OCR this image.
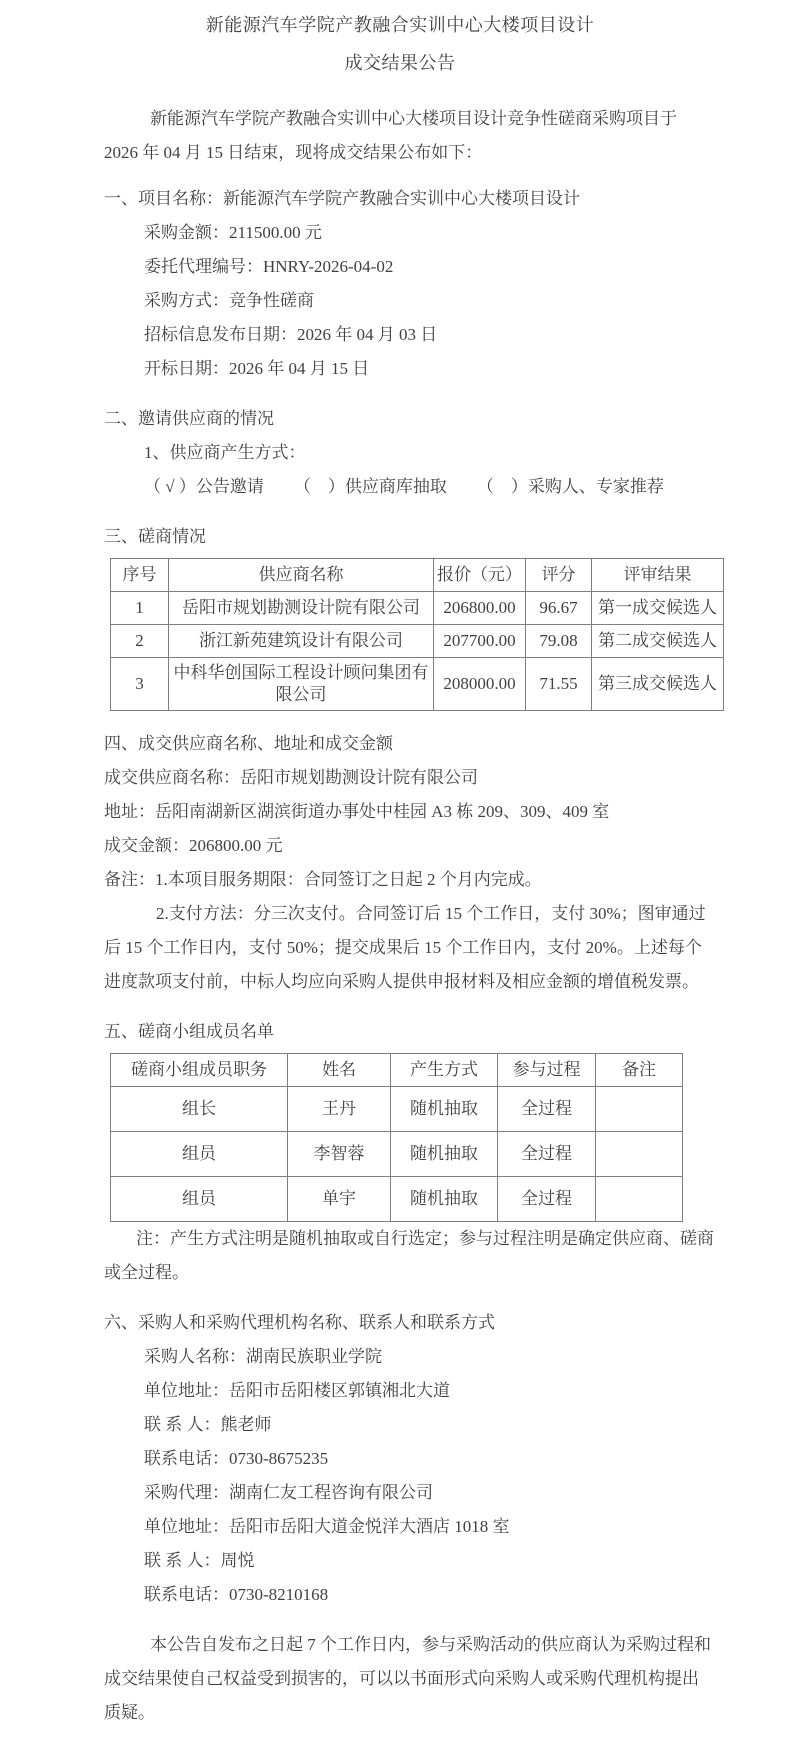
新能源汽车学院产教融合实训中心大楼项目设计
成交结果公告

新能源汽车学院产教融合实训中心大楼项目设计竞争性磋商采购项目于 2026 年 04 月 15 日结束，现将成交结果公布如下：

一、项目名称：新能源汽车学院产教融合实训中心大楼项目设计

采购金额：211500.00 元

委托代理编号：HNRY-2026-04-02

采购方式：竞争性磋商

招标信息发布日期：2026 年 04 月 03 日

开标日期：2026 年 04 月 15 日

二、邀请供应商的情况

1、供应商产生方式：

（ √ ）公告邀请 （　）供应商库抽取 （　）采购人、专家推荐

三、磋商情况

序号	供应商名称	报价（元）	评分	评审结果
1	岳阳市规划勘测设计院有限公司	206800.00	96.67	第一成交候选人
2	浙江新苑建筑设计有限公司	207700.00	79.08	第二成交候选人
3	中科华创国际工程设计顾问集团有限公司	208000.00	71.55	第三成交候选人

四、成交供应商名称、地址和成交金额

成交供应商名称：岳阳市规划勘测设计院有限公司

地址：岳阳南湖新区湖滨街道办事处中桂园 A3 栋 209、309、409 室

成交金额：206800.00 元

备注：1.本项目服务期限：合同签订之日起 2 个月内完成。

2.支付方法：分三次支付。合同签订后 15 个工作日，支付 30%；图审通过后 15 个工作日内，支付 50%；提交成果后 15 个工作日内，支付 20%。上述每个进度款项支付前，中标人均应向采购人提供申报材料及相应金额的增值税发票。

五、磋商小组成员名单

磋商小组成员职务	姓名	产生方式	参与过程	备注
组长	王丹	随机抽取	全过程	
组员	李智蓉	随机抽取	全过程	
组员	单宇	随机抽取	全过程	

注：产生方式注明是随机抽取或自行选定；参与过程注明是确定供应商、磋商或全过程。

六、采购人和采购代理机构名称、联系人和联系方式

采购人名称：湖南民族职业学院

单位地址：岳阳市岳阳楼区郭镇湘北大道

联 系 人：熊老师

联系电话：0730-8675235

采购代理：湖南仁友工程咨询有限公司

单位地址：岳阳市岳阳大道金悦洋大酒店 1018 室

联 系 人：周悦

联系电话：0730-8210168

本公告自发布之日起 7 个工作日内，参与采购活动的供应商认为采购过程和成交结果使自己权益受到损害的，可以以书面形式向采购人或采购代理机构提出质疑。
